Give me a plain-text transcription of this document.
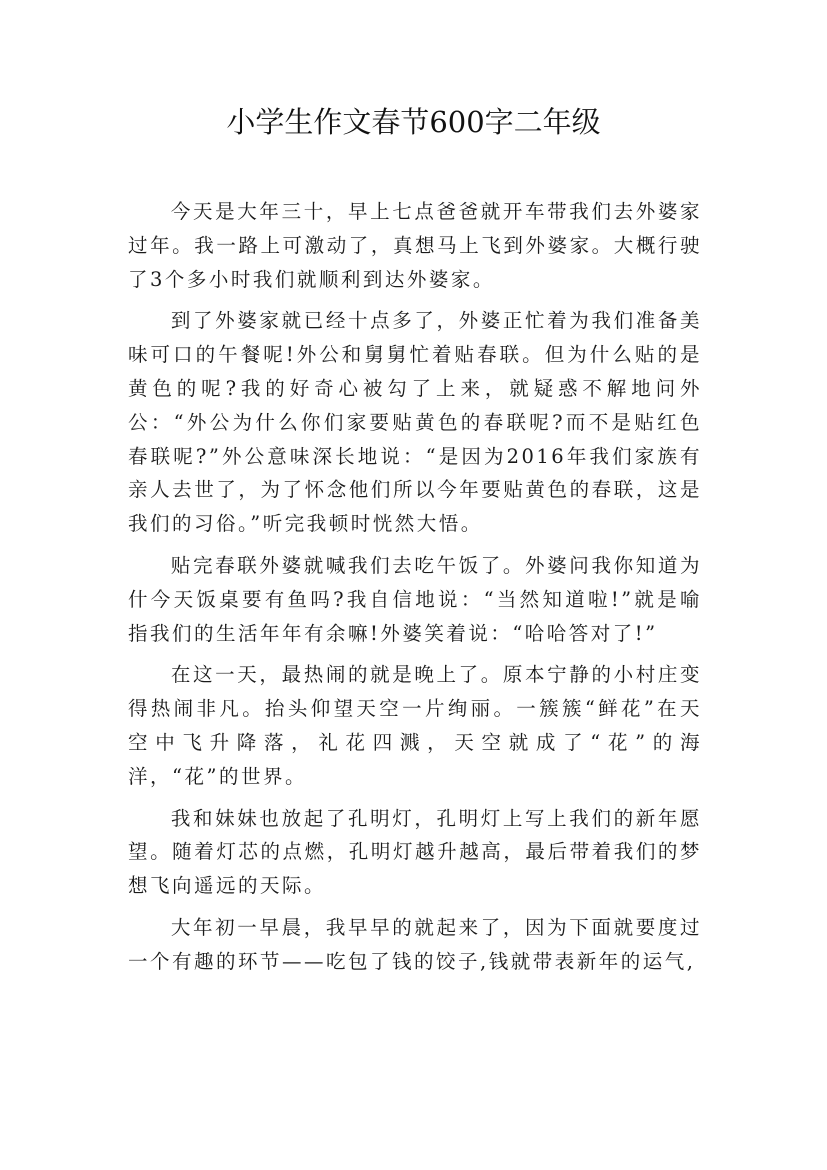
小学生作文春节600字二年级

今天是大年三十，早上七点爸爸就开车带我们去外婆家过年。我一路上可激动了，真想马上飞到外婆家。大概行驶了3个多小时我们就顺利到达外婆家。

到了外婆家就已经十点多了，外婆正忙着为我们准备美味可口的午餐呢!外公和舅舅忙着贴春联。但为什么贴的是黄色的呢?我的好奇心被勾了上来，就疑惑不解地问外公：“外公为什么你们家要贴黄色的春联呢?而不是贴红色春联呢?”外公意味深长地说：“是因为2016年我们家族有亲人去世了，为了怀念他们所以今年要贴黄色的春联，这是我们的习俗。”听完我顿时恍然大悟。

贴完春联外婆就喊我们去吃午饭了。外婆问我你知道为什今天饭桌要有鱼吗?我自信地说：“当然知道啦!”就是喻指我们的生活年年有余嘛!外婆笑着说：“哈哈答对了!”

在这一天，最热闹的就是晚上了。原本宁静的小村庄变得热闹非凡。抬头仰望天空一片绚丽。一簇簇“鲜花”在天空中飞升降落，礼花四溅，天空就成了“花”的海洋，“花”的世界。

我和妹妹也放起了孔明灯，孔明灯上写上我们的新年愿望。随着灯芯的点燃，孔明灯越升越高，最后带着我们的梦想飞向遥远的天际。

大年初一早晨，我早早的就起来了，因为下面就要度过一个有趣的环节——吃包了钱的饺子,钱就带表新年的运气,
